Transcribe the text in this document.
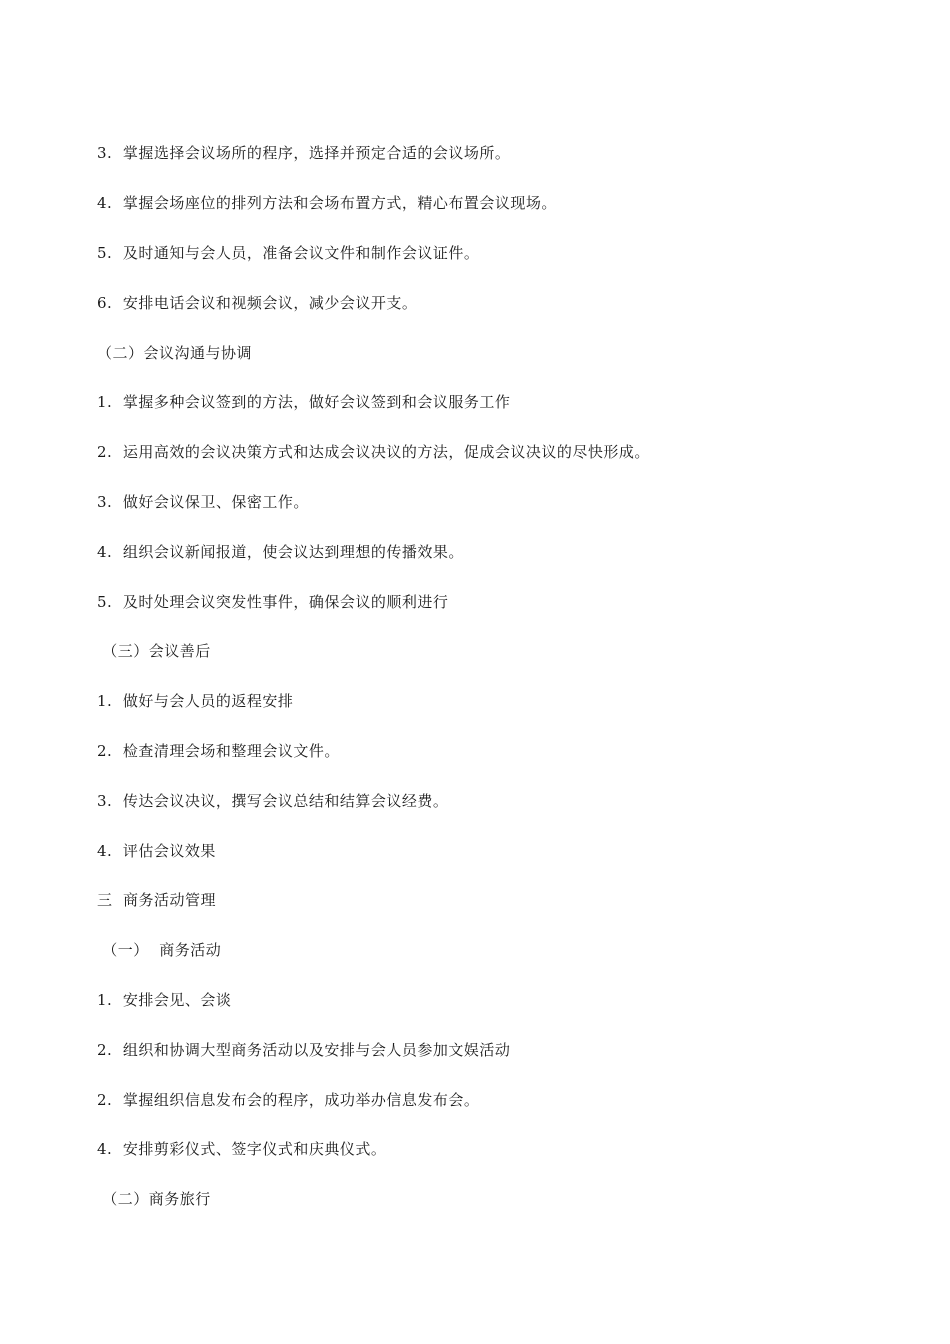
3.  掌握选择会议场所的程序，选择并预定合适的会议场所。

4.  掌握会场座位的排列方法和会场布置方式，精心布置会议现场。

5.  及时通知与会人员，准备会议文件和制作会议证件。

6.  安排电话会议和视频会议，减少会议开支。

（二）会议沟通与协调

1.  掌握多种会议签到的方法，做好会议签到和会议服务工作

2.  运用高效的会议决策方式和达成会议决议的方法，促成会议决议的尽快形成。

3.  做好会议保卫、保密工作。

4.  组织会议新闻报道，使会议达到理想的传播效果。

5.  及时处理会议突发性事件，确保会议的顺利进行

（三）会议善后

1.  做好与会人员的返程安排

2.  检查清理会场和整理会议文件。

3.  传达会议决议，撰写会议总结和结算会议经费。

4.  评估会议效果

三  商务活动管理

（一）  商务活动

1.  安排会见、会谈

2.  组织和协调大型商务活动以及安排与会人员参加文娱活动

2.  掌握组织信息发布会的程序，成功举办信息发布会。

4.  安排剪彩仪式、签字仪式和庆典仪式。

（二）商务旅行
